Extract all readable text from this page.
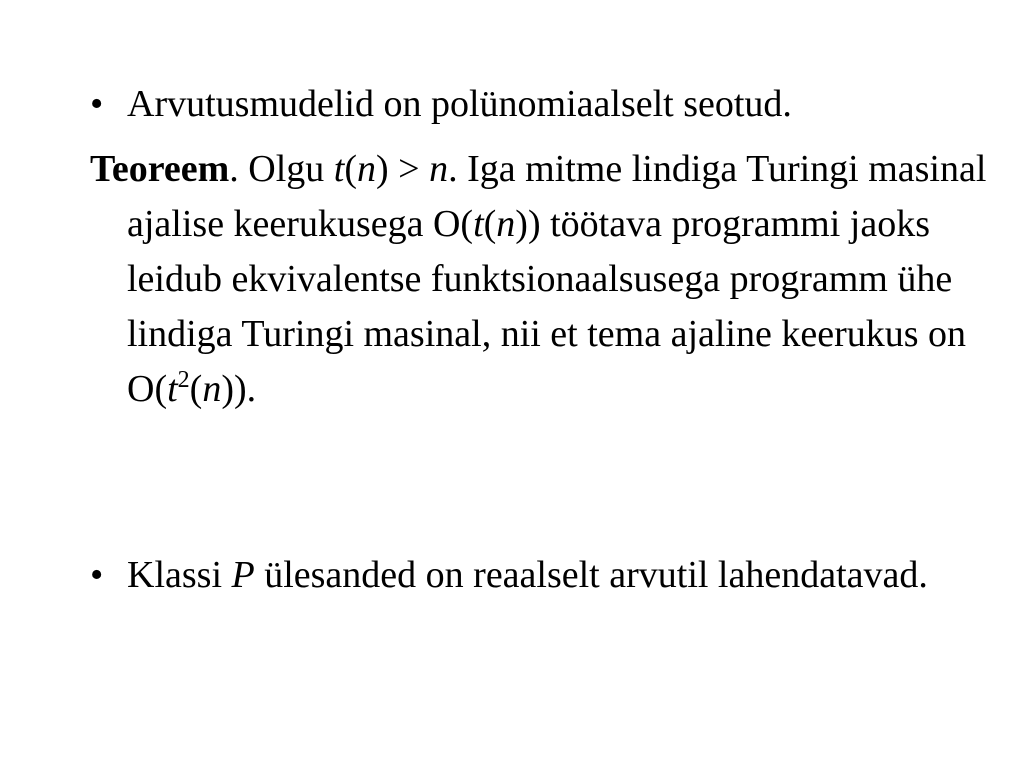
• Arvutusmudelid on polünomiaalselt seotud.
Teoreem. Olgu t(n) > n. Iga mitme lindiga Turingi masinal ajalise keerukusega O(t(n)) töötava programmi jaoks leidub ekvivalentse funktsionaalsusega programm ühe lindiga Turingi masinal, nii et tema ajaline keerukus on $O(t^2(n))$.
• Klassi P ülesanded on reaalselt arvutil lahendatavad.
